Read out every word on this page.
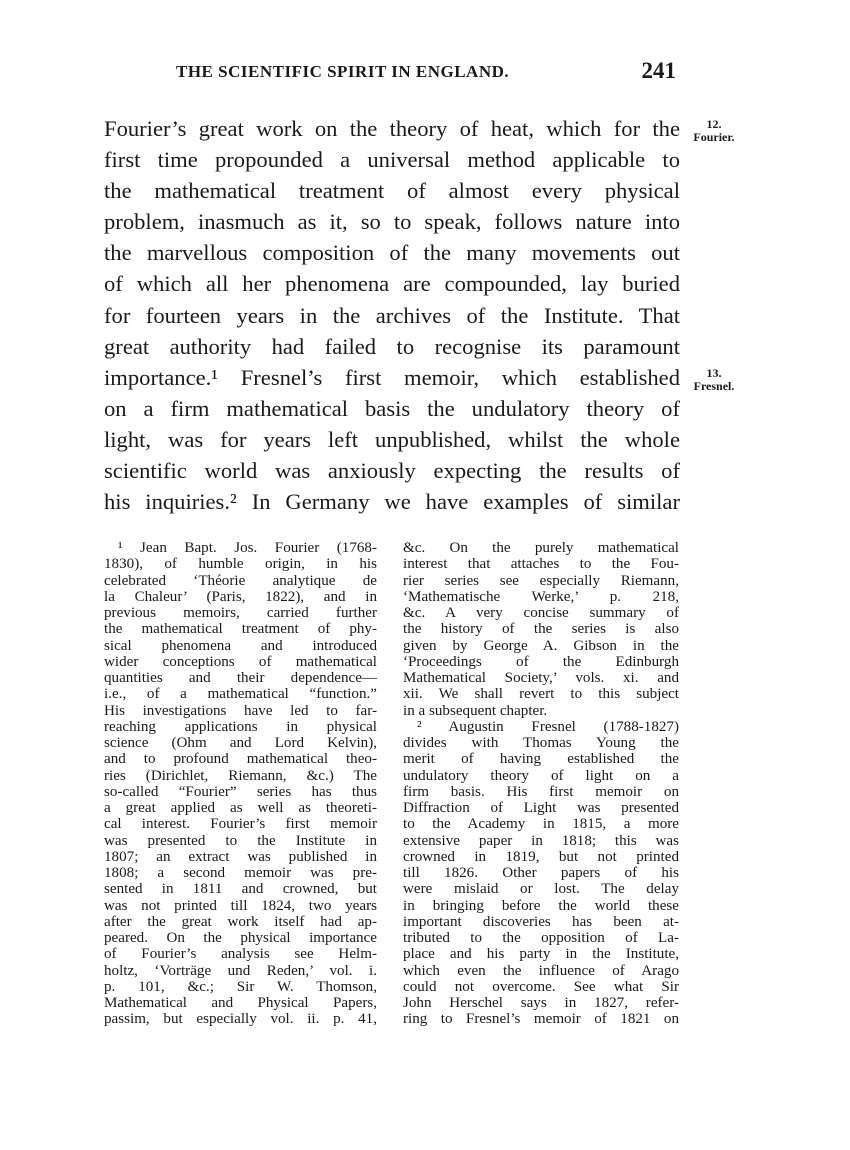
THE SCIENTIFIC SPIRIT IN ENGLAND.	241
Fourier’s great work on the theory of heat, which for the
first time propounded a universal method applicable to
the mathematical treatment of almost every physical
problem, inasmuch as it, so to speak, follows nature into
the marvellous composition of the many movements out
of which all her phenomena are compounded, lay buried
for fourteen years in the archives of the Institute. That
great authority had failed to recognise its paramount
importance.¹ Fresnel’s first memoir, which established
on a firm mathematical basis the undulatory theory of
light, was for years left unpublished, whilst the whole
scientific world was anxiously expecting the results of
his inquiries.² In Germany we have examples of similar
12.
Fourier.
13.
Fresnel.
¹ Jean Bapt. Jos. Fourier (1768-
1830), of humble origin, in his
celebrated ‘Théorie analytique de
la Chaleur’ (Paris, 1822), and in
previous memoirs, carried further
the mathematical treatment of phy-
sical phenomena and introduced
wider conceptions of mathematical
quantities and their dependence—
i.e., of a mathematical “function.”
His investigations have led to far-
reaching applications in physical
science (Ohm and Lord Kelvin),
and to profound mathematical theo-
ries (Dirichlet, Riemann, &c.) The
so-called “Fourier” series has thus
a great applied as well as theoreti-
cal interest. Fourier’s first memoir
was presented to the Institute in
1807; an extract was published in
1808; a second memoir was pre-
sented in 1811 and crowned, but
was not printed till 1824, two years
after the great work itself had ap-
peared. On the physical importance
of Fourier’s analysis see Helm-
holtz, ‘Vorträge und Reden,’ vol. i.
p. 101, &c.; Sir W. Thomson,
Mathematical and Physical Papers,
passim, but especially vol. ii. p. 41,
&c. On the purely mathematical
interest that attaches to the Fou-
rier series see especially Riemann,
‘Mathematische Werke,’ p. 218,
&c. A very concise summary of
the history of the series is also
given by George A. Gibson in the
‘Proceedings of the Edinburgh
Mathematical Society,’ vols. xi. and
xii. We shall revert to this subject
in a subsequent chapter.
² Augustin Fresnel (1788-1827)
divides with Thomas Young the
merit of having established the
undulatory theory of light on a
firm basis. His first memoir on
Diffraction of Light was presented
to the Academy in 1815, a more
extensive paper in 1818; this was
crowned in 1819, but not printed
till 1826. Other papers of his
were mislaid or lost. The delay
in bringing before the world these
important discoveries has been at-
tributed to the opposition of La-
place and his party in the Institute,
which even the influence of Arago
could not overcome. See what Sir
John Herschel says in 1827, refer-
ring to Fresnel’s memoir of 1821 on
